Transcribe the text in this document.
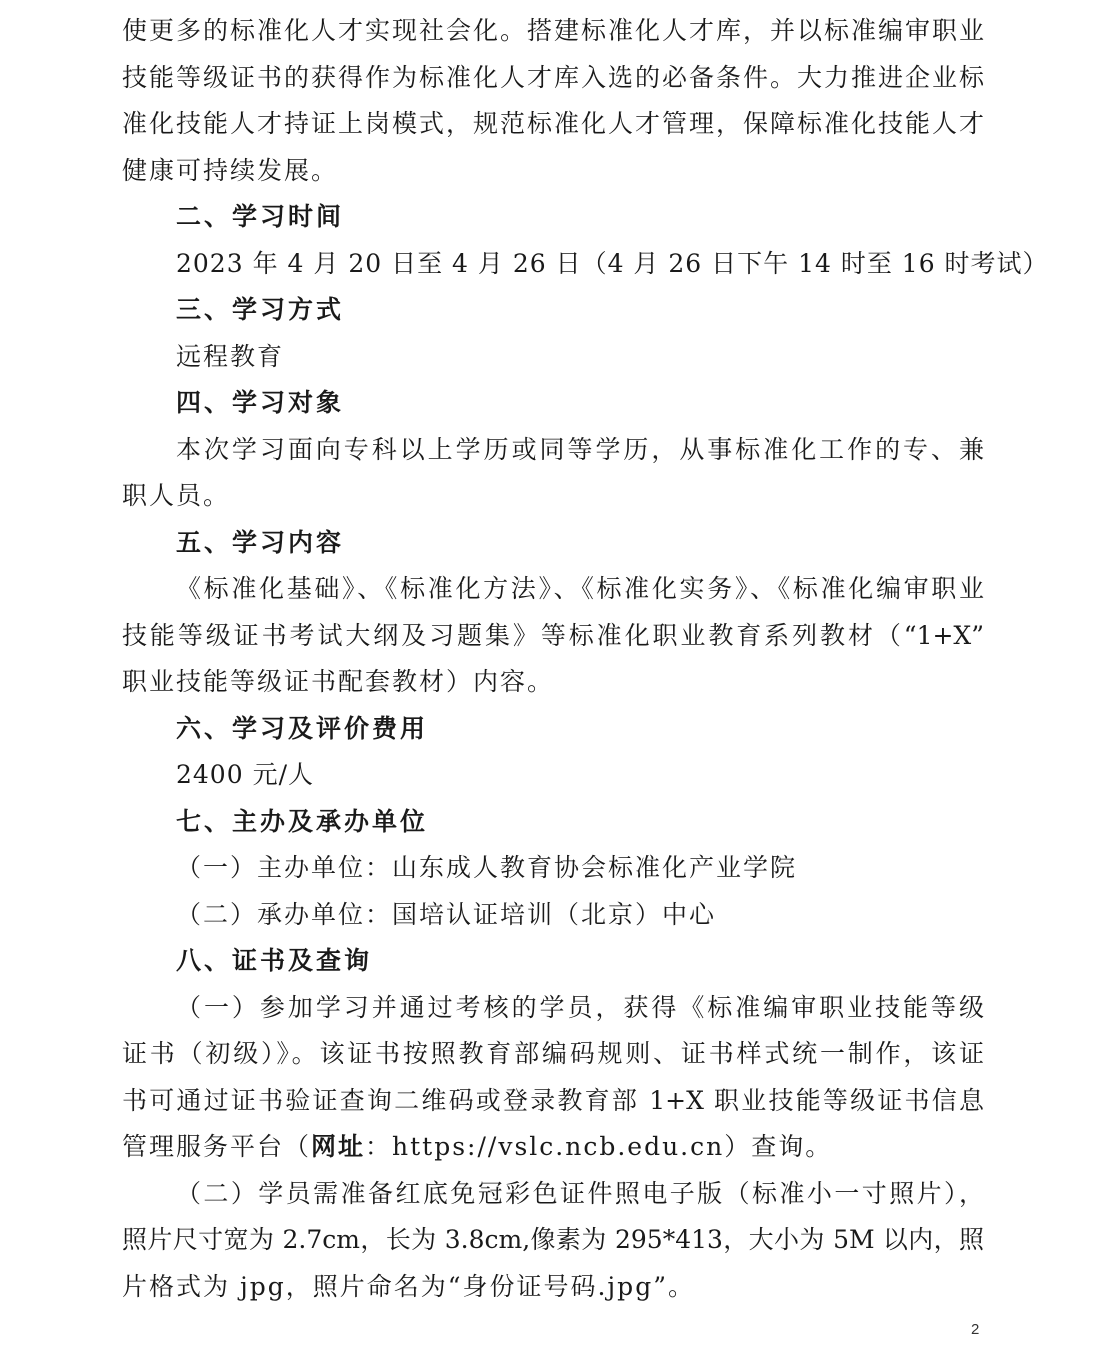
使更多的标准化人才实现社会化。搭建标准化人才库，并以标准编审职业
技能等级证书的获得作为标准化人才库入选的必备条件。大力推进企业标
准化技能人才持证上岗模式，规范标准化人才管理，保障标准化技能人才
健康可持续发展。
二、学习时间
2023 年 4 月 20 日至 4 月 26 日（4 月 26 日下午 14 时至 16 时考试）
三、学习方式
远程教育
四、学习对象
本次学习面向专科以上学历或同等学历，从事标准化工作的专、兼
职人员。
五、学习内容
《标准化基础》、《标准化方法》、《标准化实务》、《标准化编审职业
技能等级证书考试大纲及习题集》等标准化职业教育系列教材（“1+X”
职业技能等级证书配套教材）内容。
六、学习及评价费用
2400 元/人
七、主办及承办单位
（一）主办单位：山东成人教育协会标准化产业学院
（二）承办单位：国培认证培训（北京）中心
八、证书及查询
（一）参加学习并通过考核的学员，获得《标准编审职业技能等级
证书（初级）》。该证书按照教育部编码规则、证书样式统一制作，该证
书可通过证书验证查询二维码或登录教育部 1+X 职业技能等级证书信息
管理服务平台（网址：https://vslc.ncb.edu.cn）查询。
（二）学员需准备红底免冠彩色证件照电子版（标准小一寸照片），
照片尺寸宽为 2.7cm，长为 3.8cm,像素为 295*413，大小为 5M 以内，照
片格式为 jpg，照片命名为“身份证号码.jpg”。
2
